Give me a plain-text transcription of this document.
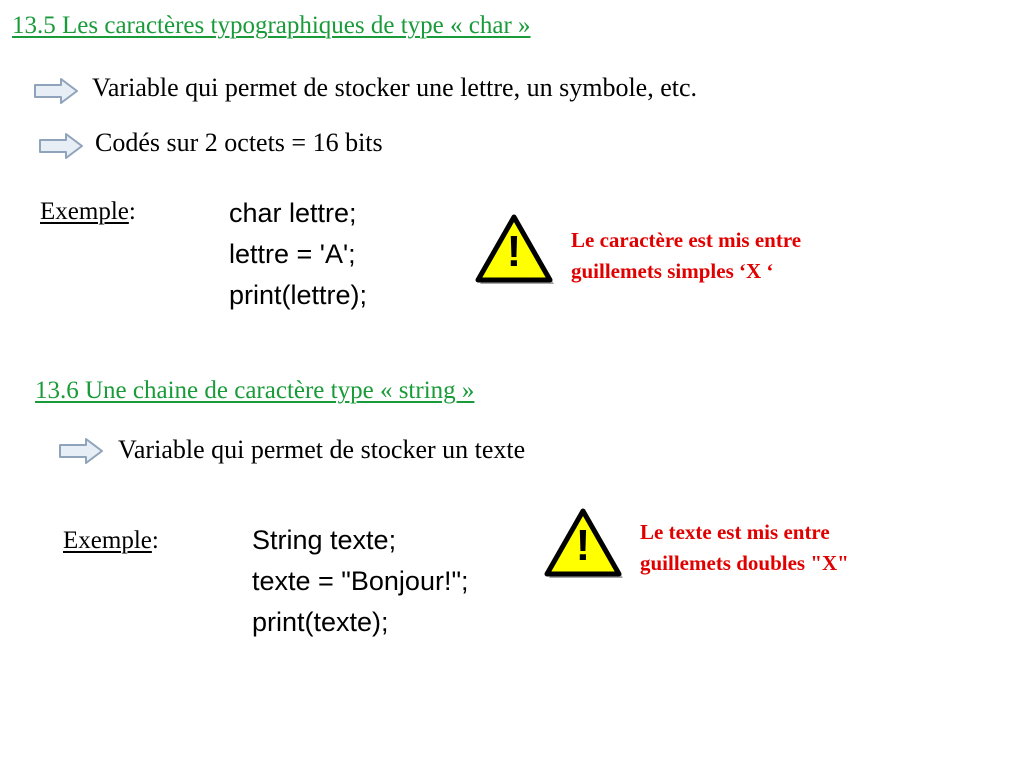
13.5 Les caractères typographiques de type « char »
Variable qui permet de stocker une lettre, un symbole, etc.
Codés sur 2 octets = 16 bits
Exemple:	char lettre;
lettre = 'A';
print(lettre);
!	Le caractère est mis entre
guillemets simples ‘X ‘
13.6 Une chaine de caractère type « string »
Variable qui permet de stocker un texte
Exemple:	String texte;
texte = "Bonjour!";
print(texte);
!	Le texte est mis entre
guillemets doubles "X"
